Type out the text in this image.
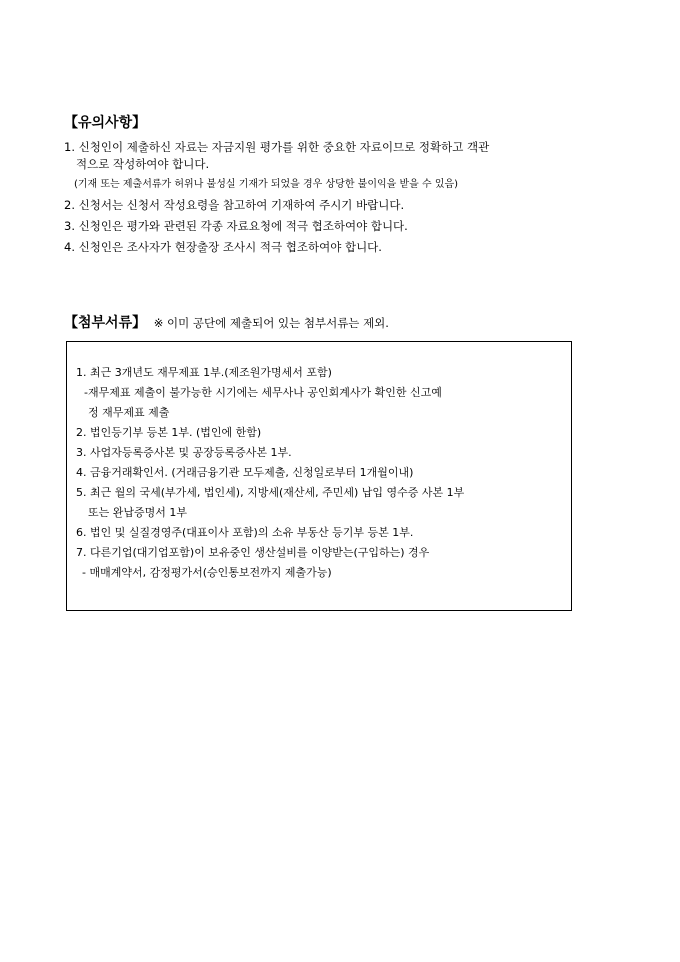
【유의사항】
1. 신청인이 제출하신 자료는 자금지원 평가를 위한 중요한 자료이므로 정확하고 객관
적으로 작성하여야 합니다.
(기재 또는 제출서류가 허위나 불성실 기재가 되었을 경우 상당한 불이익을 받을 수 있음)
2. 신청서는 신청서 작성요령을 참고하여 기재하여 주시기 바랍니다.
3. 신청인은 평가와 관련된 각종 자료요청에 적극 협조하여야 합니다.
4. 신청인은 조사자가 현장출장 조사시 적극 협조하여야 합니다.
【첨부서류】 ※ 이미 공단에 제출되어 있는 첨부서류는 제외.
1. 최근 3개년도 재무제표 1부.(제조원가명세서 포함)
-재무제표 제출이 불가능한 시기에는 세무사나 공인회계사가 확인한 신고예
정 재무제표 제출
2. 법인등기부 등본 1부. (법인에 한함)
3. 사업자등록증사본 및 공장등록증사본 1부.
4. 금융거래확인서. (거래금융기관 모두제출, 신청일로부터 1개월이내)
5. 최근 월의 국세(부가세, 법인세), 지방세(재산세, 주민세) 납입 영수증 사본 1부
또는 완납증명서 1부
6. 법인 및 실질경영주(대표이사 포함)의 소유 부동산 등기부 등본 1부.
7. 다른기업(대기업포함)이 보유중인 생산설비를 이양받는(구입하는) 경우
- 매매계약서, 감정평가서(승인통보전까지 제출가능)
